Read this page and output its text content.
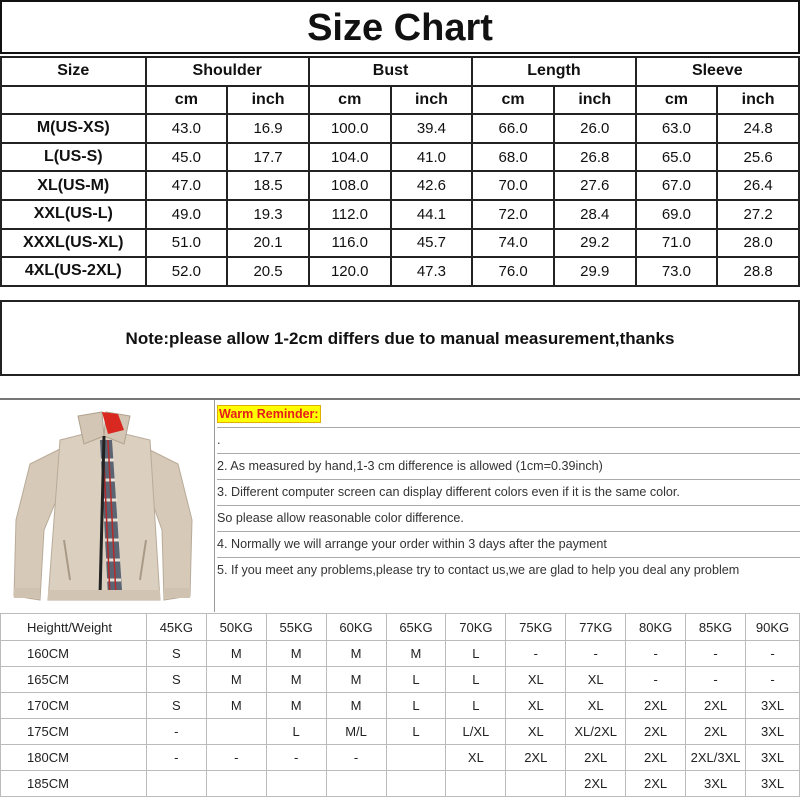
Size Chart
Size	Shoulder		Bust		Length		Sleeve	
	cm	inch	cm	inch	cm	inch	cm	inch
M(US-XS)	43.0	16.9	100.0	39.4	66.0	26.0	63.0	24.8
L(US-S)	45.0	17.7	104.0	41.0	68.0	26.8	65.0	25.6
XL(US-M)	47.0	18.5	108.0	42.6	70.0	27.6	67.0	26.4
XXL(US-L)	49.0	19.3	112.0	44.1	72.0	28.4	69.0	27.2
XXXL(US-XL)	51.0	20.1	116.0	45.7	74.0	29.2	71.0	28.0
4XL(US-2XL)	52.0	20.5	120.0	47.3	76.0	29.9	73.0	28.8
Note:please allow 1-2cm differs due to manual measurement,thanks

Warm Reminder:
.
2. As measured by hand,1-3 cm difference is allowed (1cm=0.39inch)
3. Different computer screen can display different colors even if it is the same color.
So please allow reasonable color difference.
4. Normally we will arrange your order within 3 days after the payment
5. If you meet any problems,please try to contact us,we are glad to help you deal any problem
Heightt/Weight	45KG	50KG	55KG	60KG	65KG	70KG	75KG	77KG	80KG	85KG	90KG
160CM	S	M	M	M	M	L	-	-	-	-	-
165CM	S	M	M	M	L	L	XL	XL	-	-	-
170CM	S	M	M	M	L	L	XL	XL	2XL	2XL	3XL
175CM	-		L	M/L	L	L/XL	XL	XL/2XL	2XL	2XL	3XL
180CM	-	-	-	-		XL	2XL	2XL	2XL	2XL/3XL	3XL
185CM								2XL	2XL	3XL	3XL
